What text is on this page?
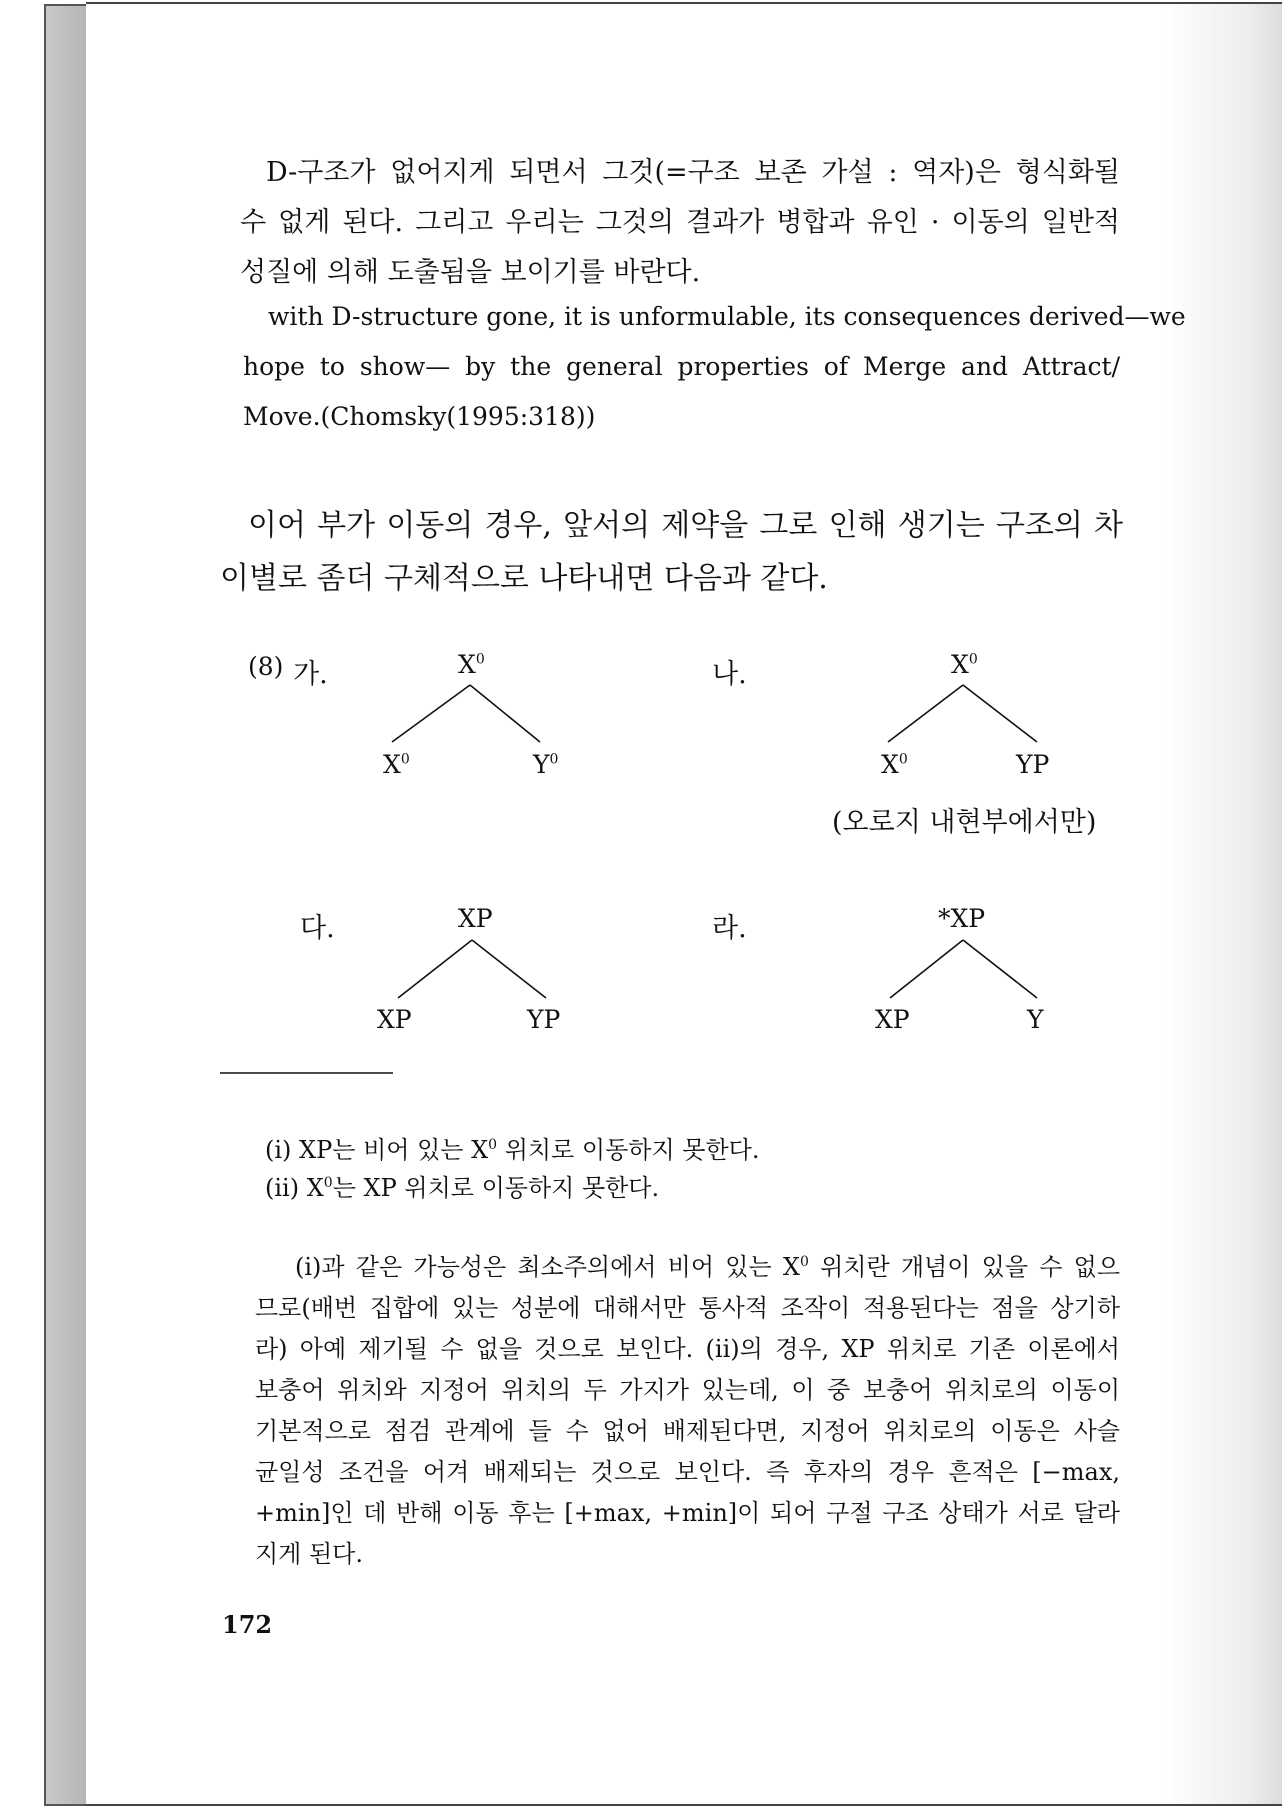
D-구조가 없어지게 되면서 그것(=구조 보존 가설 : 역자)은 형식화될
수 없게 된다. 그리고 우리는 그것의 결과가 병합과 유인 · 이동의 일반적
성질에 의해 도출됨을 보이기를 바란다.
with D-structure gone, it is unformulable, its consequences derived—we
hope to show— by the general properties of Merge and Attract/
Move.(Chomsky(1995:318))
이어 부가 이동의 경우, 앞서의 제약을 그로 인해 생기는 구조의 차
이별로 좀더 구체적으로 나타내면 다음과 같다.
(8) 가.	$X^0$
$X^0$	$Y^0$
나.	$X^0$
$X^0$	YP
(오로지 내현부에서만)
다.	XP
XP	YP
라.	*XP
XP	Y
(i) XP는 비어 있는 $X^0$ 위치로 이동하지 못한다.
(ii) $X^0$는 XP 위치로 이동하지 못한다.
(i)과 같은 가능성은 최소주의에서 비어 있는 $X^0$ 위치란 개념이 있을 수 없으
므로(배번 집합에 있는 성분에 대해서만 통사적 조작이 적용된다는 점을 상기하
라) 아예 제기될 수 없을 것으로 보인다. (ii)의 경우, XP 위치로 기존 이론에서
보충어 위치와 지정어 위치의 두 가지가 있는데, 이 중 보충어 위치로의 이동이
기본적으로 점검 관계에 들 수 없어 배제된다면, 지정어 위치로의 이동은 사슬
균일성 조건을 어겨 배제되는 것으로 보인다. 즉 후자의 경우 흔적은 [−max,
+min]인 데 반해 이동 후는 [+max, +min]이 되어 구절 구조 상태가 서로 달라
지게 된다.
172
